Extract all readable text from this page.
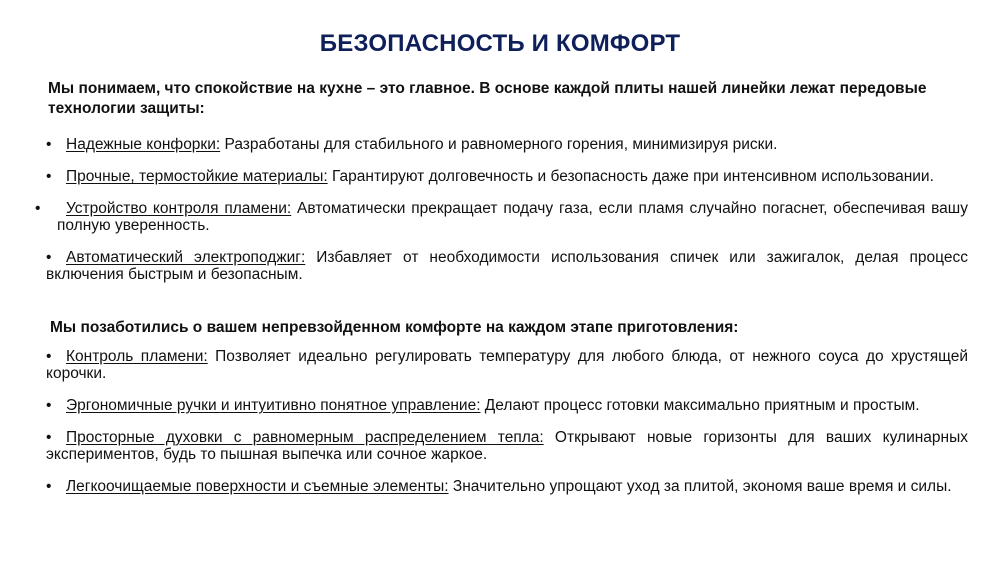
БЕЗОПАСНОСТЬ И КОМФОРТ
Мы понимаем, что спокойствие на кухне – это главное. В основе каждой плиты нашей линейки лежат передовые технологии защиты:
• Надежные конфорки: Разработаны для стабильного и равномерного горения, минимизируя риски.
• Прочные, термостойкие материалы: Гарантируют долговечность и безопасность даже при интенсивном использовании.
• Устройство контроля пламени: Автоматически прекращает подачу газа, если пламя случайно погаснет, обеспечивая вашу полную уверенность.
• Автоматический электроподжиг: Избавляет от необходимости использования спичек или зажигалок, делая процесс включения быстрым и безопасным.
Мы позаботились о вашем непревзойденном комфорте на каждом этапе приготовления:
• Контроль пламени: Позволяет идеально регулировать температуру для любого блюда, от нежного соуса до хрустящей корочки.
• Эргономичные ручки и интуитивно понятное управление: Делают процесс готовки максимально приятным и простым.
• Просторные духовки с равномерным распределением тепла: Открывают новые горизонты для ваших кулинарных экспериментов, будь то пышная выпечка или сочное жаркое.
• Легкоочищаемые поверхности и съемные элементы: Значительно упрощают уход за плитой, экономя ваше время и силы.
